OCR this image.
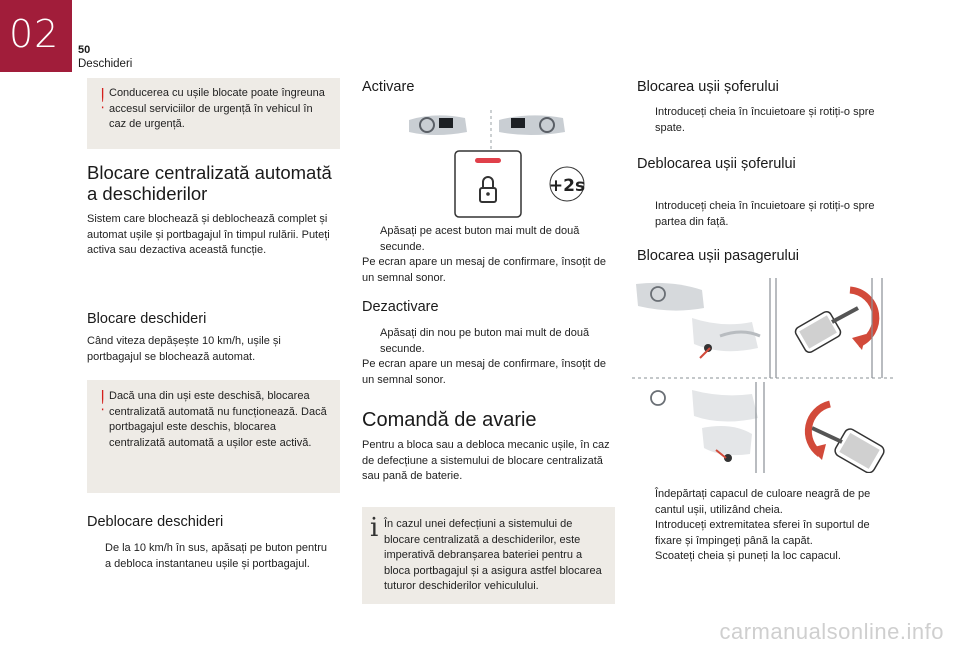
02 50
Deschideri
! Conducerea cu ușile blocate poate îngreuna accesul serviciilor de urgență în vehicul în caz de urgență.
Blocare centralizată automată a deschiderilor
Sistem care blochează și deblochează complet și automat ușile și portbagajul în timpul rulării. Puteți activa sau dezactiva această funcție.
Blocare deschideri
Când viteza depășește 10 km/h, ușile și portbagajul se blochează automat.
! Dacă una din uși este deschisă, blocarea centralizată automată nu funcționează. Dacă portbagajul este deschis, blocarea centralizată automată a ușilor este activă.
Deblocare deschideri
De la 10 km/h în sus, apăsați pe buton pentru a debloca instantaneu ușile și portbagajul.
Activare
+2s
Apăsați pe acest buton mai mult de două secunde.
Pe ecran apare un mesaj de confirmare, însoțit de un semnal sonor.
Dezactivare
Apăsați din nou pe buton mai mult de două secunde.
Pe ecran apare un mesaj de confirmare, însoțit de un semnal sonor.
Comandă de avarie
Pentru a bloca sau a debloca mecanic ușile, în caz de defecțiune a sistemului de blocare centralizată sau pană de baterie.
i În cazul unei defecțiuni a sistemului de blocare centralizată a deschiderilor, este imperativă debranșarea bateriei pentru a bloca portbagajul și a asigura astfel blocarea tuturor deschiderilor vehiculului.
Blocarea ușii șoferului
Introduceți cheia în încuietoare și rotiți-o spre spate.
Deblocarea ușii șoferului
Introduceți cheia în încuietoare și rotiți-o spre partea din față.
Blocarea ușii pasagerului
Îndepărtați capacul de culoare neagră de pe cantul ușii, utilizând cheia.
Introduceți extremitatea sferei în suportul de fixare și împingeți până la capăt.
Scoateți cheia și puneți la loc capacul.
carmanualsonline.info
